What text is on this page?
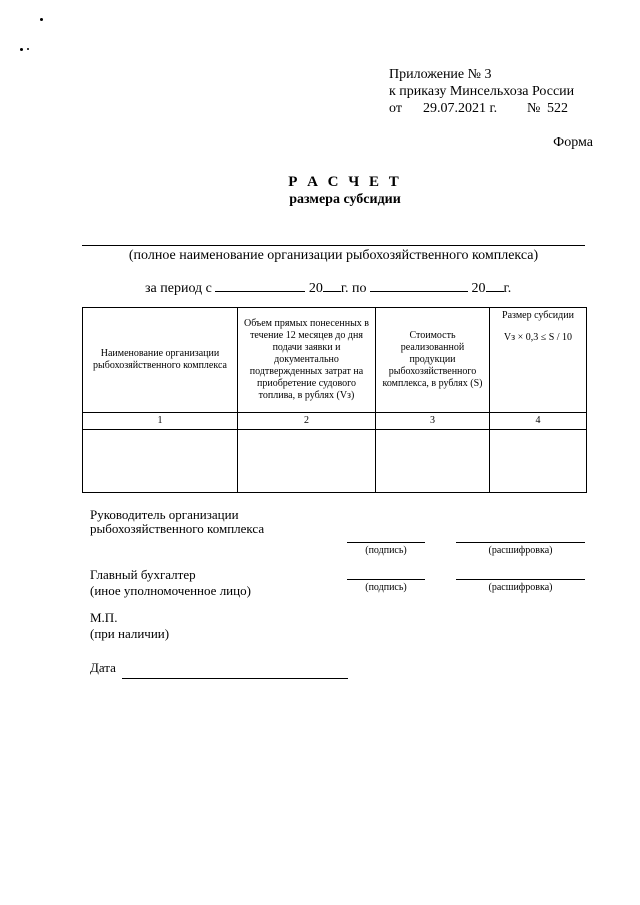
Приложение № 3
к приказу Минсельхоза России
от 29.07.2021 г. № 522
Форма
Р А С Ч Е Т
размера субсидии
(полное наименование организации рыбохозяйственного комплекса)
за период с	20 г. по	20 г.
Наименование организации рыбохозяйственного комплекса	Объем прямых понесенных в течение 12 месяцев до дня подачи заявки и документально подтвержденных затрат на приобретение судового топлива, в рублях (Vз)	Стоимость реализованной продукции рыбохозяйственного комплекса, в рублях (S)	Размер субсидии
Vз × 0,3 ≤ S / 10

1	2	3	4

Руководитель организации
рыбохозяйственного комплекса
(подпись)	(расшифровка)
Главный бухгалтер
(иное уполномоченное лицо)	(подпись)	(расшифровка)
М.П.
(при наличии)
Дата
